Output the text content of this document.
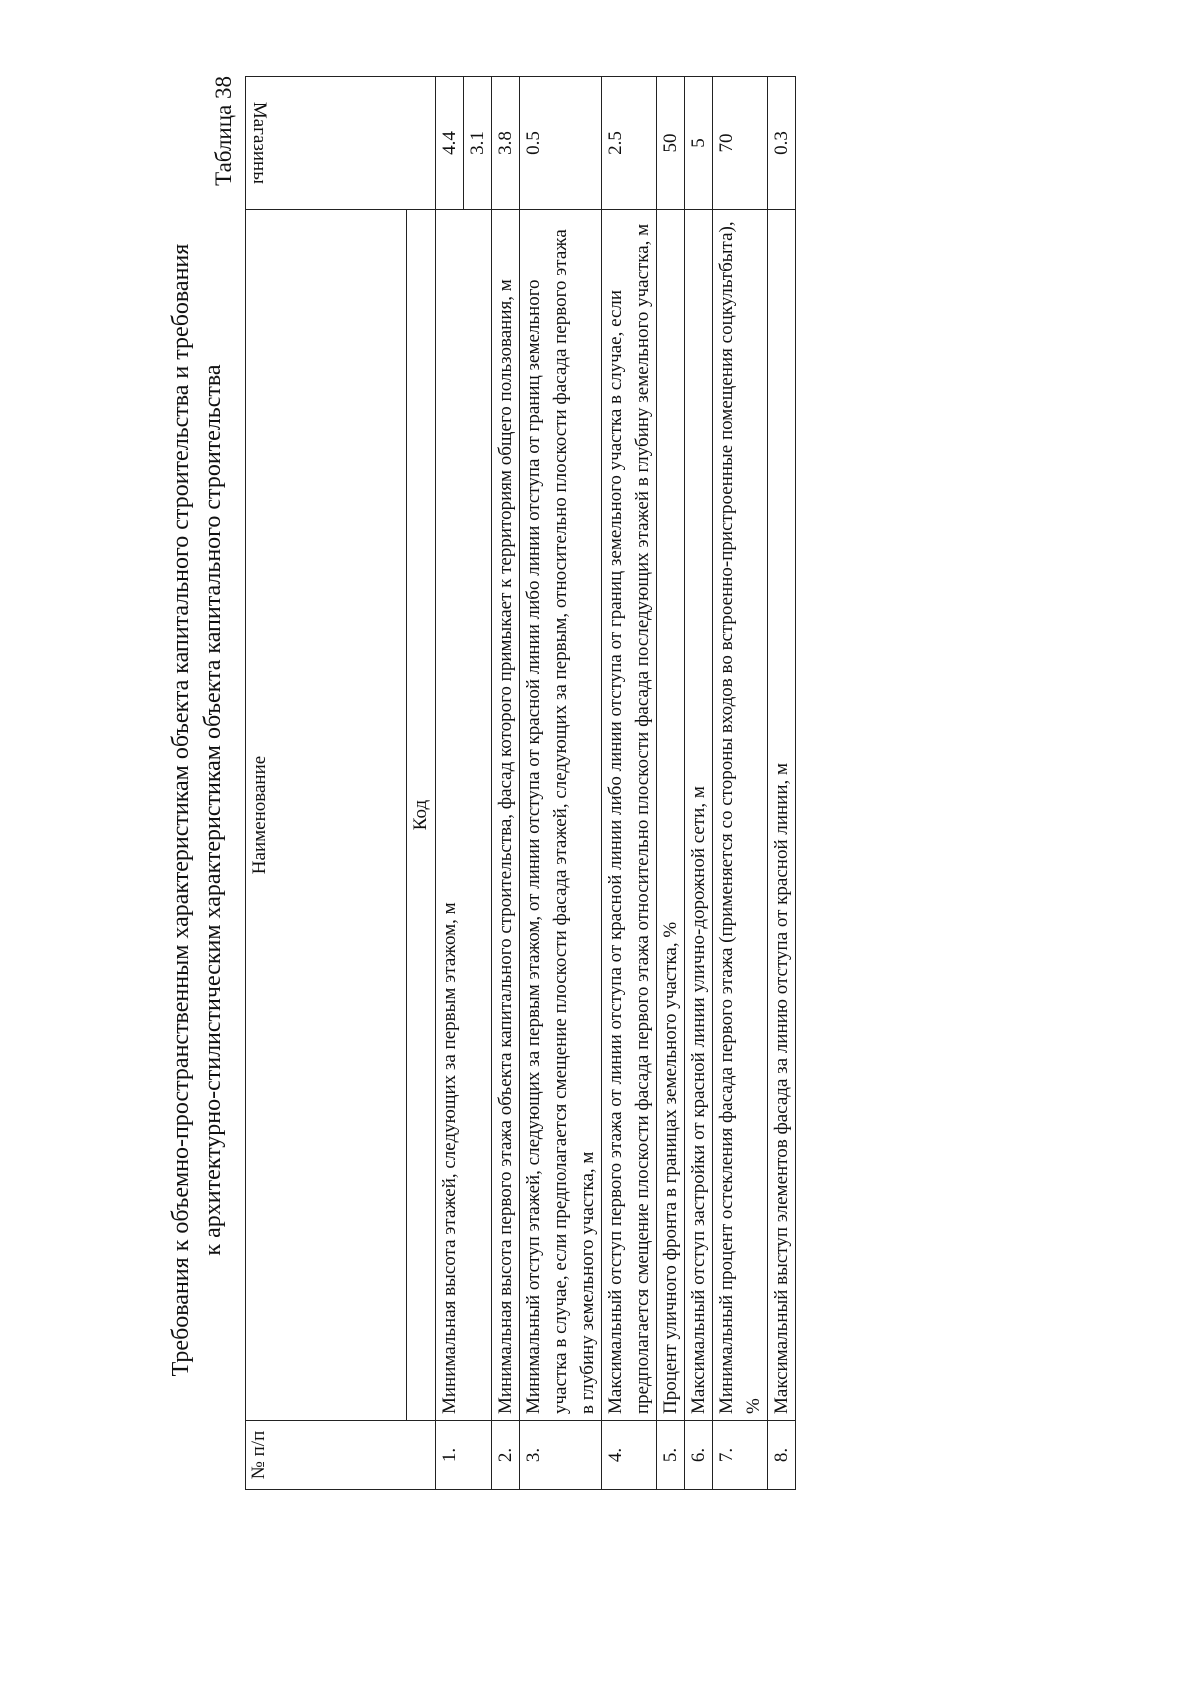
Требования к объемно-пространственным характеристикам объекта капитального строительства и требования к архитектурно-стилистическим характеристикам объекта капитального строительства
Таблица 38
№ п/п	Наименование	Магазины
	Код	
1.	Минимальная высота этажей, следующих за первым этажом, м	4.4
		3.1
2.	Минимальная высота первого этажа объекта капитального строительства, фасад которого примыкает к территориям общего пользования, м	3.8
3.	Минимальный отступ этажей, следующих за первым этажом, от линии отступа от красной линии либо линии отступа от границ земельного участка в случае, если предполагается смещение плоскости фасада этажей, следующих за первым, относительно плоскости фасада первого этажа в глубину земельного участка, м	0.5
4.	Максимальный отступ первого этажа от линии отступа от красной линии либо линии отступа от границ земельного участка в случае, если предполагается смещение плоскости фасада первого этажа относительно плоскости фасада последующих этажей в глубину земельного участка, м	2.5
5.	Процент уличного фронта в границах земельного участка, %	50
6.	Максимальный отступ застройки от красной линии улично-дорожной сети, м	5
7.	Минимальный процент остекления фасада первого этажа (применяется со стороны входов во встроенно-пристроенные помещения соцкультбыта), %	70
8.	Максимальный выступ элементов фасада за линию отступа от красной линии, м	0.3
